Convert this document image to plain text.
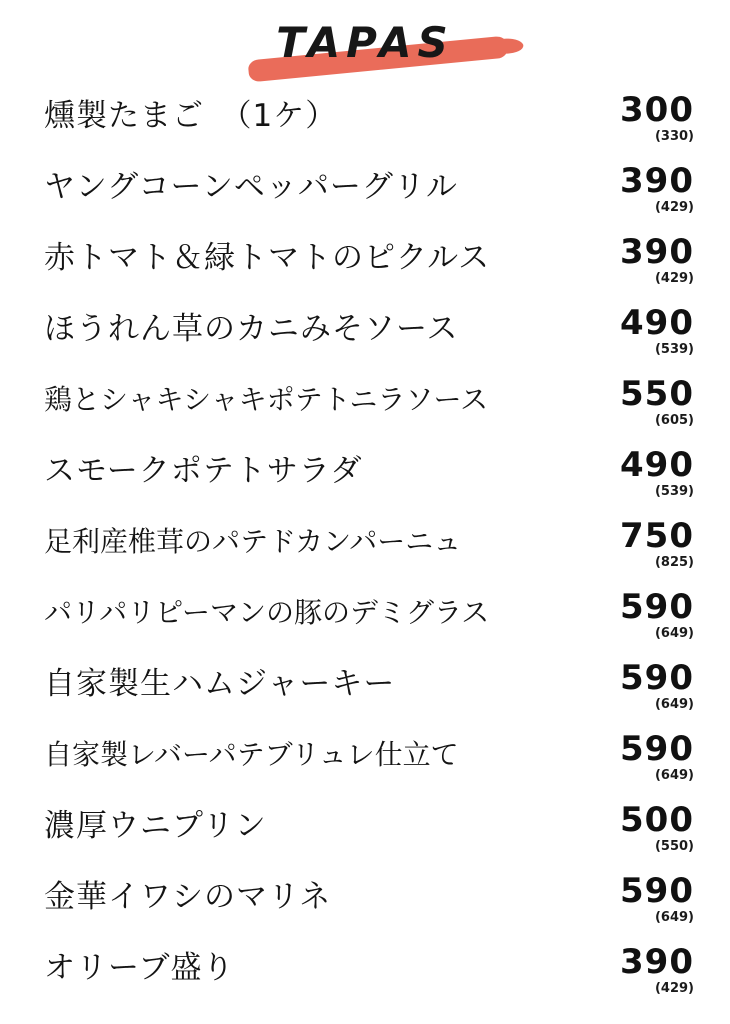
TAPAS
燻製たまご　（1ケ）	300
(330)
ヤングコーンペッパーグリル	390
(429)
赤トマト＆緑トマトのピクルス	390
(429)
ほうれん草のカニみそソース	490
(539)
鶏とシャキシャキポテトニラソース	550
(605)
スモークポテトサラダ	490
(539)
足利産椎茸のパテドカンパーニュ	750
(825)
パリパリピーマンの豚のデミグラス	590
(649)
自家製生ハムジャーキー	590
(649)
自家製レバーパテブリュレ仕立て	590
(649)
濃厚ウニプリン	500
(550)
金華イワシのマリネ	590
(649)
オリーブ盛り	390
(429)
